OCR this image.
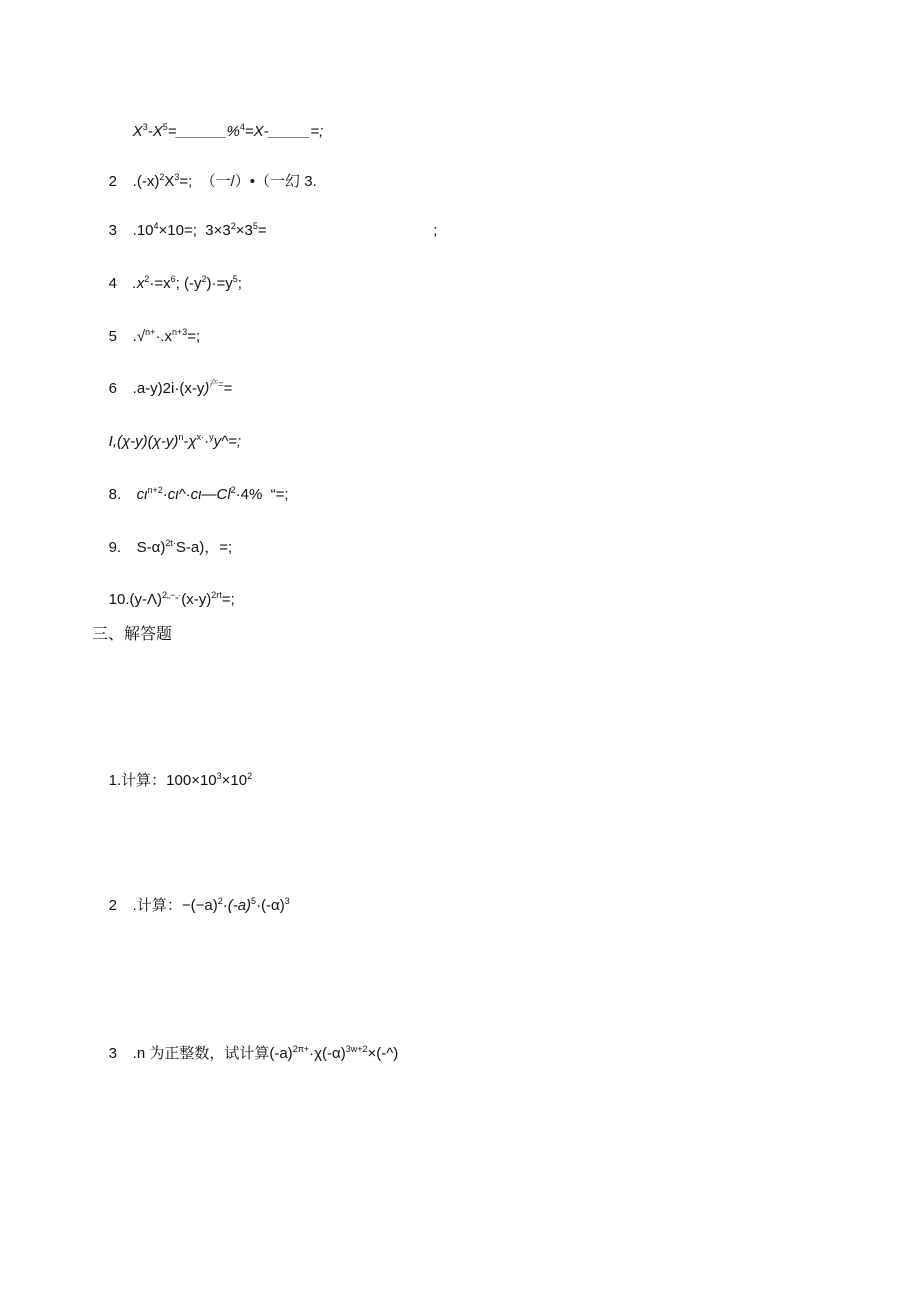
$X^3-X^5=\_\_\_\_\_\_\%^4=X-\_\_\_\_\_=$;

2 $.(-x)^2X^3=$;  （一/）•（一幻 3.

3 $.10^4\times 10=$;  $3\times 3^2\times 3^5=$                                        ;

4 $.x^2\cdot=x^6$; $(-y^2)\cdot=y^5$;

5 $.√^{n+}\cdot.x^{n+3}=$;

6 $.a-y)2i\cdot(x-y)^{产=}=$

$I,(\chi-y)(\chi-y)^n-\chi^{x\cdot}\cdot^yy\^{}=$;

8. $c\iota^{n+2}\cdot c\iota\^{}\cdot c\iota—Cl^2\cdot 4\%$  “=;

9. S-α)$^{2t\cdot}$S-a)，=;

$10.(y-\Lambda)^{2„-„\cdot}(x-y)^{2rt}=$;

三、解答题

1.计算：$100\times 10^3\times 10^2$

2 .计算：$-(-a)^2\cdot(-a)^5\cdot(-\alpha)^3$

3 .n 为正整数，试计算$(-a)^{2\pi+}\cdot\chi(-\alpha)^{3w+2}\times(-\^{})$
